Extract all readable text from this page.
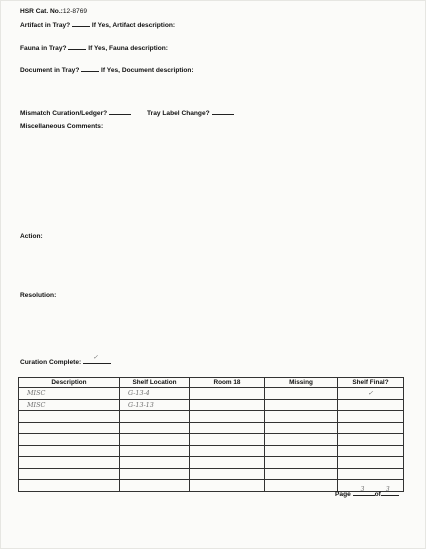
HSR Cat. No.:12-8769
Artifact in Tray?	If Yes, Artifact description:
Fauna in Tray?	If Yes, Fauna description:
Document in Tray?	If Yes, Document description:
Mismatch Curation/Ledger?	Tray Label Change?
Miscellaneous Comments:
Action:
Resolution:
Curation Complete:
✓
Description	Shelf Location	Room 18	Missing	Shelf Final?
MISC	G-13-4			✓
MISC	G-13-13			

Page
3
of
3
